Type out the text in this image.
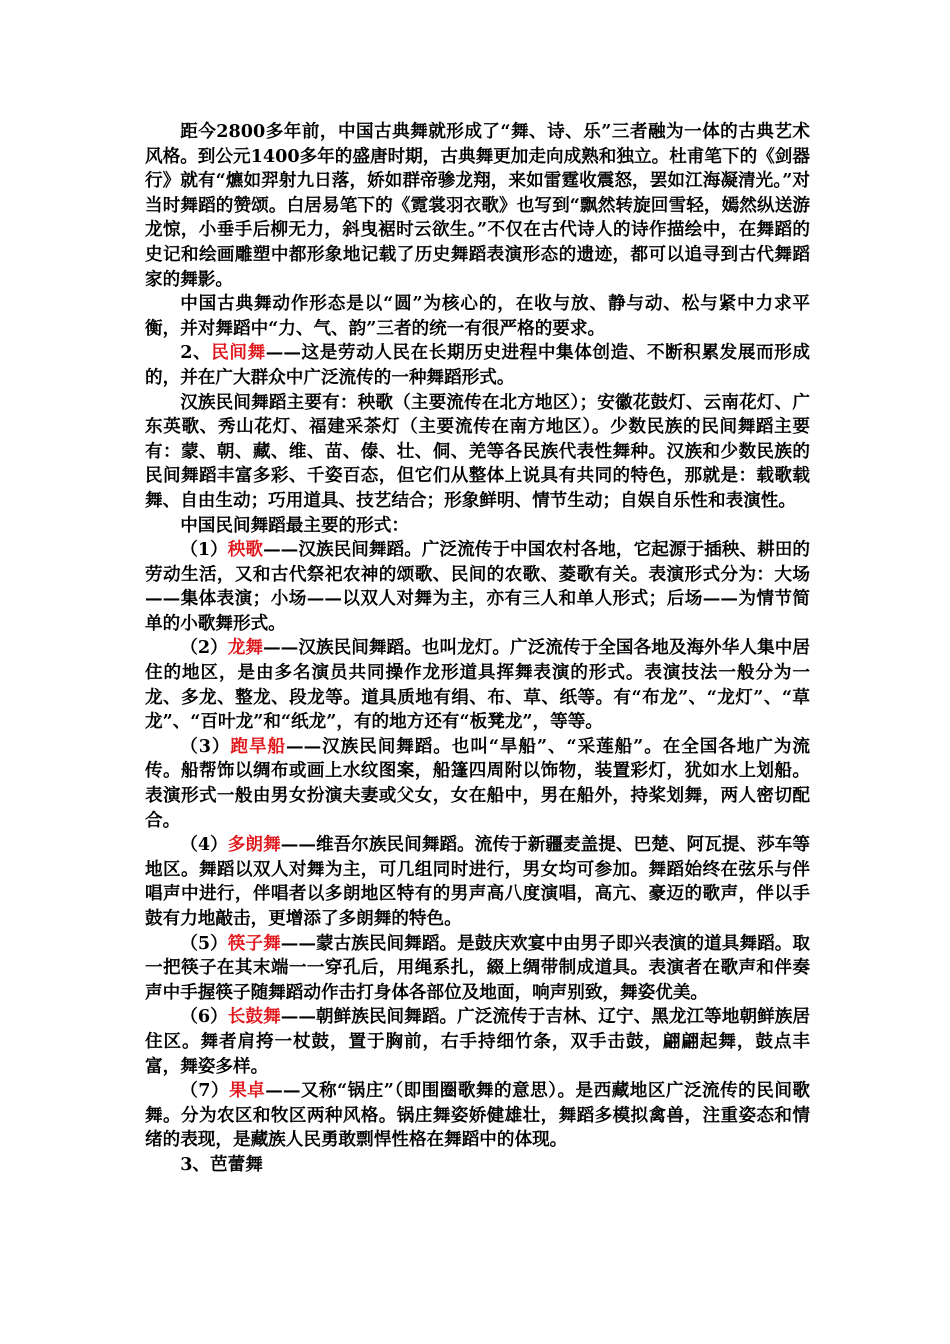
距今2800多年前，中国古典舞就形成了“舞、诗、乐”三者融为一体的古典艺术风格。到公元1400多年的盛唐时期，古典舞更加走向成熟和独立。杜甫笔下的《剑器行》就有“爊如羿射九日落，娇如群帝骖龙翔，来如雷霆收震怒，罢如江海凝清光。”对当时舞蹈的赞颂。白居易笔下的《霓裳羽衣歌》也写到“飘然转旋回雪轻，嫣然纵送游龙惊，小垂手后柳无力，斜曳裾时云欲生。”不仅在古代诗人的诗作描绘中，在舞蹈的史记和绘画雕塑中都形象地记载了历史舞蹈表演形态的遗迹，都可以追寻到古代舞蹈家的舞影。

中国古典舞动作形态是以“圆”为核心的，在收与放、静与动、松与紧中力求平衡，并对舞蹈中“力、气、韵”三者的统一有很严格的要求。

2、民间舞——这是劳动人民在长期历史进程中集体创造、不断积累发展而形成的，并在广大群众中广泛流传的一种舞蹈形式。

汉族民间舞蹈主要有：秧歌（主要流传在北方地区）；安徽花鼓灯、云南花灯、广东英歌、秀山花灯、福建采茶灯（主要流传在南方地区）。少数民族的民间舞蹈主要有：蒙、朝、藏、维、苗、傣、壮、侗、羌等各民族代表性舞种。汉族和少数民族的民间舞蹈丰富多彩、千姿百态，但它们从整体上说具有共同的特色，那就是：载歌载舞、自由生动；巧用道具、技艺结合；形象鲜明、情节生动；自娱自乐性和表演性。

中国民间舞蹈最主要的形式：

（1）秧歌——汉族民间舞蹈。广泛流传于中国农村各地，它起源于插秧、耕田的劳动生活，又和古代祭祀农神的颂歌、民间的农歌、菱歌有关。表演形式分为：大场——集体表演；小场——以双人对舞为主，亦有三人和单人形式；后场——为情节简单的小歌舞形式。

（2）龙舞——汉族民间舞蹈。也叫龙灯。广泛流传于全国各地及海外华人集中居住的地区，是由多名演员共同操作龙形道具挥舞表演的形式。表演技法一般分为一龙、多龙、整龙、段龙等。道具质地有绢、布、草、纸等。有“布龙”、“龙灯”、“草龙”、“百叶龙”和“纸龙”，有的地方还有“板凳龙”，等等。

（3）跑旱船——汉族民间舞蹈。也叫“旱船”、“采莲船”。在全国各地广为流传。船帮饰以绸布或画上水纹图案，船篷四周附以饰物，装置彩灯，犹如水上划船。表演形式一般由男女扮演夫妻或父女，女在船中，男在船外，持桨划舞，两人密切配合。

（4）多朗舞——维吾尔族民间舞蹈。流传于新疆麦盖提、巴楚、阿瓦提、莎车等地区。舞蹈以双人对舞为主，可几组同时进行，男女均可参加。舞蹈始终在弦乐与伴唱声中进行，伴唱者以多朗地区特有的男声高八度演唱，高亢、豪迈的歌声，伴以手鼓有力地敲击，更增添了多朗舞的特色。

（5）筷子舞——蒙古族民间舞蹈。是鼓庆欢宴中由男子即兴表演的道具舞蹈。取一把筷子在其末端一一穿孔后，用绳系扎，綴上绸带制成道具。表演者在歌声和伴奏声中手握筷子随舞蹈动作击打身体各部位及地面，响声别致，舞姿优美。

（6）长鼓舞——朝鲜族民间舞蹈。广泛流传于吉林、辽宁、黑龙江等地朝鲜族居住区。舞者肩挎一杖鼓，置于胸前，右手持细竹条，双手击鼓，翩翩起舞，鼓点丰富，舞姿多样。

（7）果卓——又称“锅庄”（即围圈歌舞的意思）。是西藏地区广泛流传的民间歌舞。分为农区和牧区两种风格。锅庄舞姿娇健雄壮，舞蹈多模拟禽兽，注重姿态和情绪的表现，是藏族人民勇敢剽悍性格在舞蹈中的体现。

3、芭蕾舞
